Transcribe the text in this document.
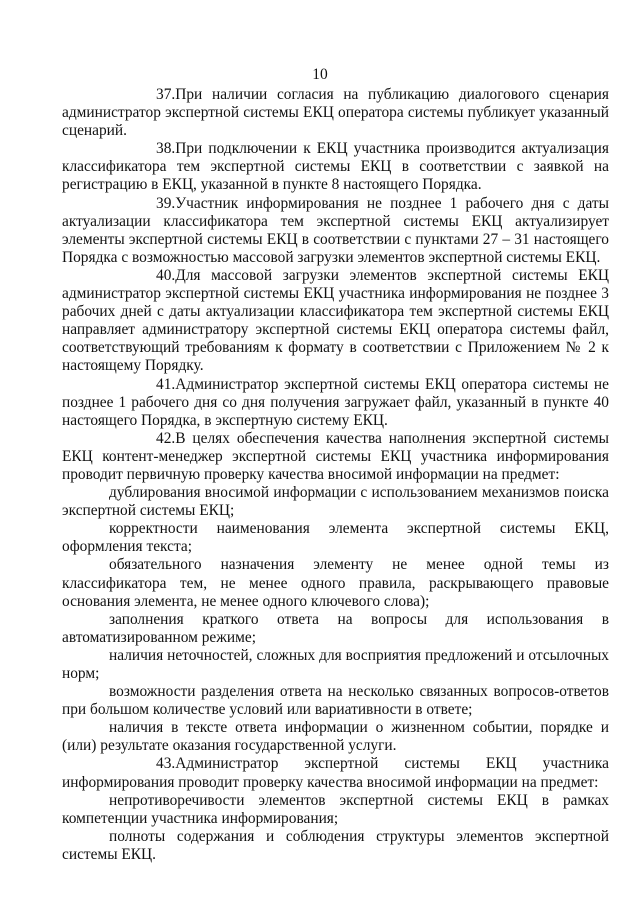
10

37.При наличии согласия на публикацию диалогового сценария администратор экспертной системы ЕКЦ оператора системы публикует указанный сценарий.

38.При подключении к ЕКЦ участника производится актуализация классификатора тем экспертной системы ЕКЦ в соответствии с заявкой на регистрацию в ЕКЦ, указанной в пункте 8 настоящего Порядка.

39.Участник информирования не позднее 1 рабочего дня с даты актуализации классификатора тем экспертной системы ЕКЦ актуализирует элементы экспертной системы ЕКЦ в соответствии с пунктами 27 – 31 настоящего Порядка с возможностью массовой загрузки элементов экспертной системы ЕКЦ.

40.Для массовой загрузки элементов экспертной системы ЕКЦ администратор экспертной системы ЕКЦ участника информирования не позднее 3 рабочих дней с даты актуализации классификатора тем экспертной системы ЕКЦ направляет администратору экспертной системы ЕКЦ оператора системы файл, соответствующий требованиям к формату в соответствии с Приложением № 2 к настоящему Порядку.

41.Администратор экспертной системы ЕКЦ оператора системы не позднее 1 рабочего дня со дня получения загружает файл, указанный в пункте 40 настоящего Порядка, в экспертную систему ЕКЦ.

42.В целях обеспечения качества наполнения экспертной системы ЕКЦ контент-менеджер экспертной системы ЕКЦ участника информирования проводит первичную проверку качества вносимой информации на предмет:

дублирования вносимой информации с использованием механизмов поиска экспертной системы ЕКЦ;

корректности наименования элемента экспертной системы ЕКЦ, оформления текста;

обязательного назначения элементу не менее одной темы из классификатора тем, не менее одного правила, раскрывающего правовые основания элемента, не менее одного ключевого слова);

заполнения краткого ответа на вопросы для использования в автоматизированном режиме;

наличия неточностей, сложных для восприятия предложений и отсылочных норм;

возможности разделения ответа на несколько связанных вопросов-ответов при большом количестве условий или вариативности в ответе;

наличия в тексте ответа информации о жизненном событии, порядке и (или) результате оказания государственной услуги.

43.Администратор экспертной системы ЕКЦ участника информирования проводит проверку качества вносимой информации на предмет:

непротиворечивости элементов экспертной системы ЕКЦ в рамках компетенции участника информирования;

полноты содержания и соблюдения структуры элементов экспертной системы ЕКЦ.
